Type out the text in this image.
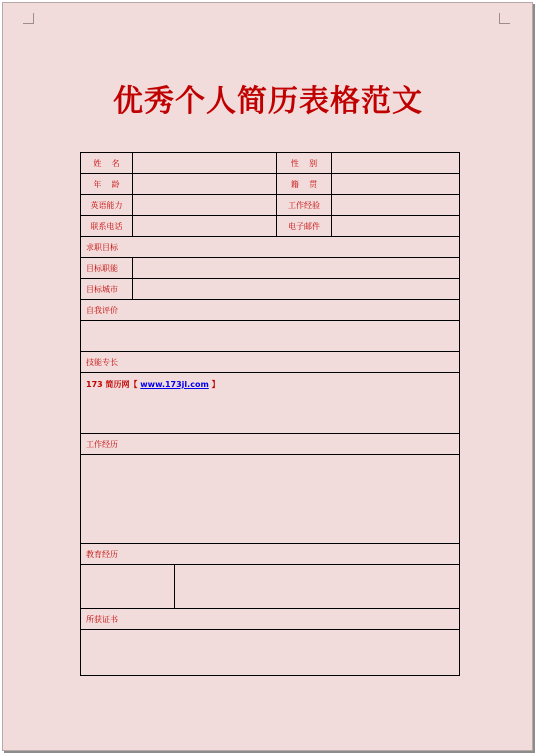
优秀个人简历表格范文
姓    名			性    别	
年    龄			籍    贯	
英语能力			工作经验	
联系电话			电子邮件	
求职目标				
目标职能				
目标城市				
自我评价				

技能专长				
173 简历网【 www.173jl.com 】				
工作经历				

教育经历				

所获证书				
